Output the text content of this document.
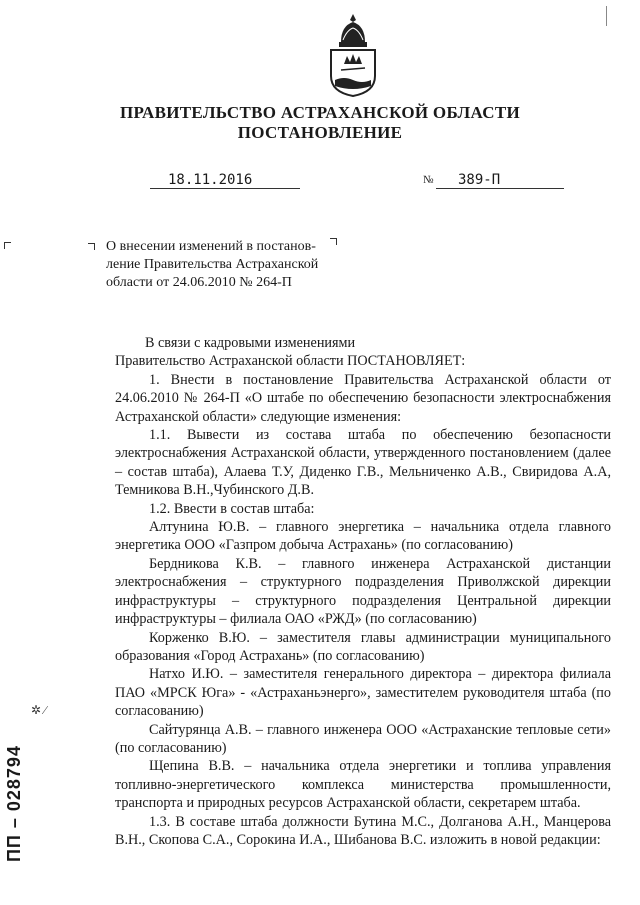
ПРАВИТЕЛЬСТВО АСТРАХАНСКОЙ ОБЛАСТИ
ПОСТАНОВЛЕНИЕ
18.11.2016	№	389-П
О внесении изменений в постанов-
ление Правительства Астраханской
области от 24.06.2010 № 264-П

В связи с кадровыми изменениями

Правительство Астраханской области ПОСТАНОВЛЯЕТ:

1. Внести в постановление Правительства Астраханской области от 24.06.2010 № 264-П «О штабе по обеспечению безопасности электроснабжения Астраханской области» следующие изменения:

1.1. Вывести из состава штаба по обеспечению безопасности электроснабжения Астраханской области, утвержденного постановлением (далее – состав штаба), Алаева Т.У, Диденко Г.В., Мельниченко А.В., Свиридова А.А, Темникова В.Н.,Чубинского Д.В.

1.2. Ввести в состав штаба:

Алтунина Ю.В. – главного энергетика – начальника отдела главного энергетика ООО «Газпром добыча Астрахань» (по согласованию)

Бердникова К.В. – главного инженера Астраханской дистанции электроснабжения – структурного подразделения Приволжской дирекции инфраструктуры – структурного подразделения Центральной дирекции инфраструктуры – филиала ОАО «РЖД» (по согласованию)

Корженко В.Ю. – заместителя главы администрации муниципального образования «Город Астрахань» (по согласованию)

Натхо И.Ю. – заместителя генерального директора – директора филиала ПАО «МРСК Юга» - «Астраханьэнерго», заместителем руководителя штаба (по согласованию)

Сайтурянца А.В. – главного инженера ООО «Астраханские тепловые сети» (по согласованию)

Щепина В.В. – начальника отдела энергетики и топлива управления топливно-энергетического комплекса министерства промышленности, транспорта и природных ресурсов Астраханской области, секретарем штаба.

1.3. В составе штаба должности Бутина М.С., Долганова А.Н., Манцерова В.Н., Скопова С.А., Сорокина И.А., Шибанова В.С. изложить в новой редакции:

✲ ∕
ПП – 028794
